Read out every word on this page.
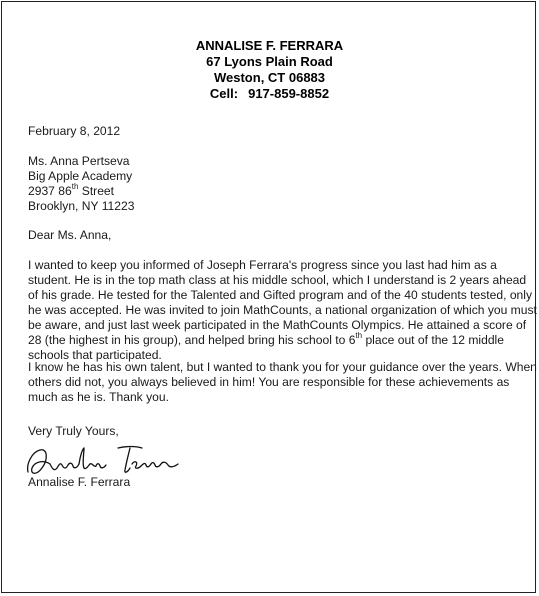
ANNALISE F. FERRARA
67 Lyons Plain Road
Weston, CT 06883
Cell: 917-859-8852
February 8, 2012
Ms. Anna Pertseva
Big Apple Academy
2937 86th Street
Brooklyn, NY 11223
Dear Ms. Anna,
I wanted to keep you informed of Joseph Ferrara's progress since you last had him as a
student. He is in the top math class at his middle school, which I understand is 2 years ahead
of his grade. He tested for the Talented and Gifted program and of the 40 students tested, only
he was accepted. He was invited to join MathCounts, a national organization of which you must
be aware, and just last week participated in the MathCounts Olympics. He attained a score of
28 (the highest in his group), and helped bring his school to 6th place out of the 12 middle
schools that participated.
I know he has his own talent, but I wanted to thank you for your guidance over the years. When
others did not, you always believed in him! You are responsible for these achievements as
much as he is. Thank you.
Very Truly Yours,
Annalise Ferrara
Annalise F. Ferrara
